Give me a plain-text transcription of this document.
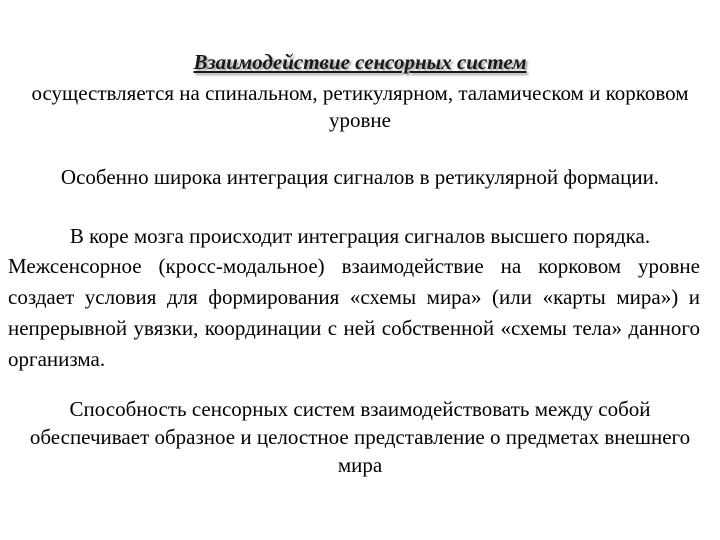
Взаимодействие сенсорных систем
осуществляется на спинальном, ретикулярном, таламическом и корковом уровне
Особенно широка интеграция сигналов в ретикулярной формации.
В коре мозга происходит интеграция сигналов высшего порядка.
Межсенсорное (кросс-модальное) взаимодействие на корковом уровне создает условия для формирования «схемы мира» (или «карты мира») и непрерывной увязки, координации с ней собственной «схемы тела» данного организма.
Способность сенсорных систем взаимодействовать между собой обеспечивает образное и целостное представление о предметах внешнего мира
